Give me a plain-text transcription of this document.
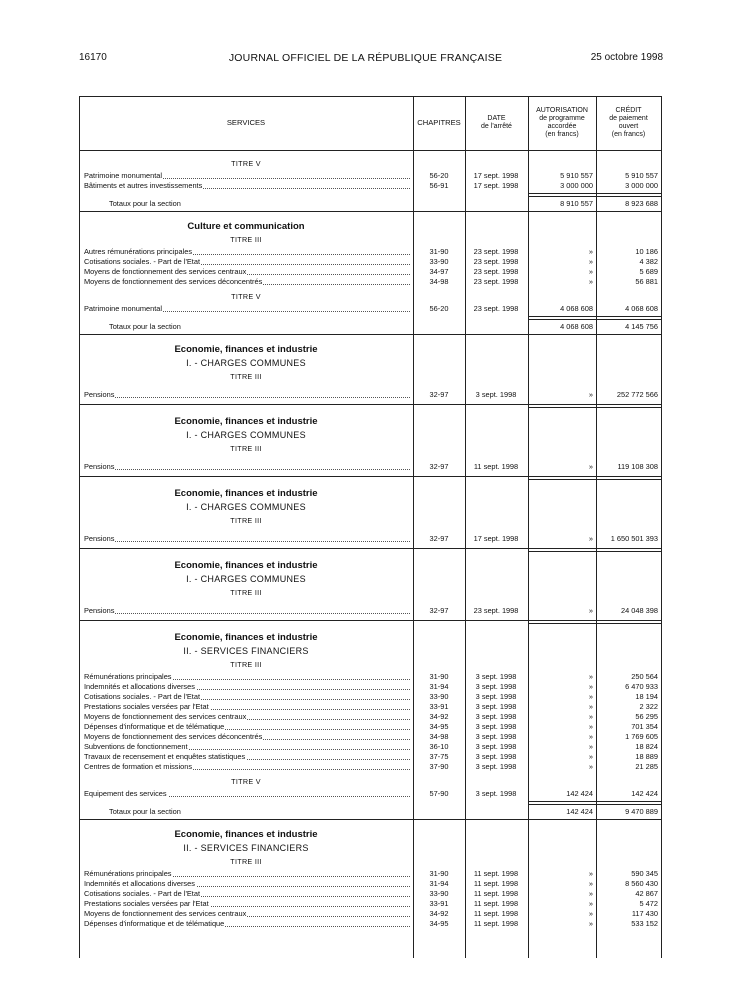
16170	JOURNAL OFFICIEL DE LA RÉPUBLIQUE FRANÇAISE	25 octobre 1998
SERVICES	CHAPITRES	DATE
de l'arrêté
AUTORISATION
de programme
accordée
(en francs)
CRÉDIT
de paiement
ouvert
(en francs)
TITRE V
Patrimoine monumental	56-20	17 sept. 1998	5 910 557	5 910 557
Bâtiments et autres investissements	56-91	17 sept. 1998	3 000 000	3 000 000
Totaux pour la section	8 910 557	8 923 688
Culture et communication
TITRE III
Autres rémunérations principales	31-90	23 sept. 1998	»	10 186
Cotisations sociales. - Part de l'Etat	33-90	23 sept. 1998	»	4 382
Moyens de fonctionnement des services centraux	34-97	23 sept. 1998	»	5 689
Moyens de fonctionnement des services déconcentrés	34-98	23 sept. 1998	»	56 881
TITRE V
Patrimoine monumental	56-20	23 sept. 1998	4 068 608	4 068 608
Totaux pour la section	4 068 608	4 145 756
Economie, finances et industrie
I. - CHARGES COMMUNES
TITRE III
Pensions	32-97	3 sept. 1998	»	252 772 566
Economie, finances et industrie
I. - CHARGES COMMUNES
TITRE III
Pensions	32-97	11 sept. 1998	»	119 108 308
Economie, finances et industrie
I. - CHARGES COMMUNES
TITRE III
Pensions	32-97	17 sept. 1998	»	1 650 501 393
Economie, finances et industrie
I. - CHARGES COMMUNES
TITRE III
Pensions	32-97	23 sept. 1998	»	24 048 398
Economie, finances et industrie
II. - SERVICES FINANCIERS
TITRE III
Rémunérations principales	31-90	3 sept. 1998	»	250 564
Indemnités et allocations diverses	31-94	3 sept. 1998	»	6 470 933
Cotisations sociales. - Part de l'Etat	33-90	3 sept. 1998	»	18 194
Prestations sociales versées par l'Etat	33-91	3 sept. 1998	»	2 322
Moyens de fonctionnement des services centraux	34-92	3 sept. 1998	»	56 295
Dépenses d'informatique et de télématique	34-95	3 sept. 1998	»	701 354
Moyens de fonctionnement des services déconcentrés	34-98	3 sept. 1998	»	1 769 605
Subventions de fonctionnement	36-10	3 sept. 1998	»	18 824
Travaux de recensement et enquêtes statistiques	37-75	3 sept. 1998	»	18 889
Centres de formation et missions	37-90	3 sept. 1998	»	21 285
TITRE V
Equipement des services	57-90	3 sept. 1998	142 424	142 424
Totaux pour la section	142 424	9 470 889
Economie, finances et industrie
II. - SERVICES FINANCIERS
TITRE III
Rémunérations principales	31-90	11 sept. 1998	»	590 345
Indemnités et allocations diverses	31-94	11 sept. 1998	»	8 560 430
Cotisations sociales. - Part de l'Etat	33-90	11 sept. 1998	»	42 867
Prestations sociales versées par l'Etat	33-91	11 sept. 1998	»	5 472
Moyens de fonctionnement des services centraux	34-92	11 sept. 1998	»	117 430
Dépenses d'informatique et de télématique	34-95	11 sept. 1998	»	533 152
